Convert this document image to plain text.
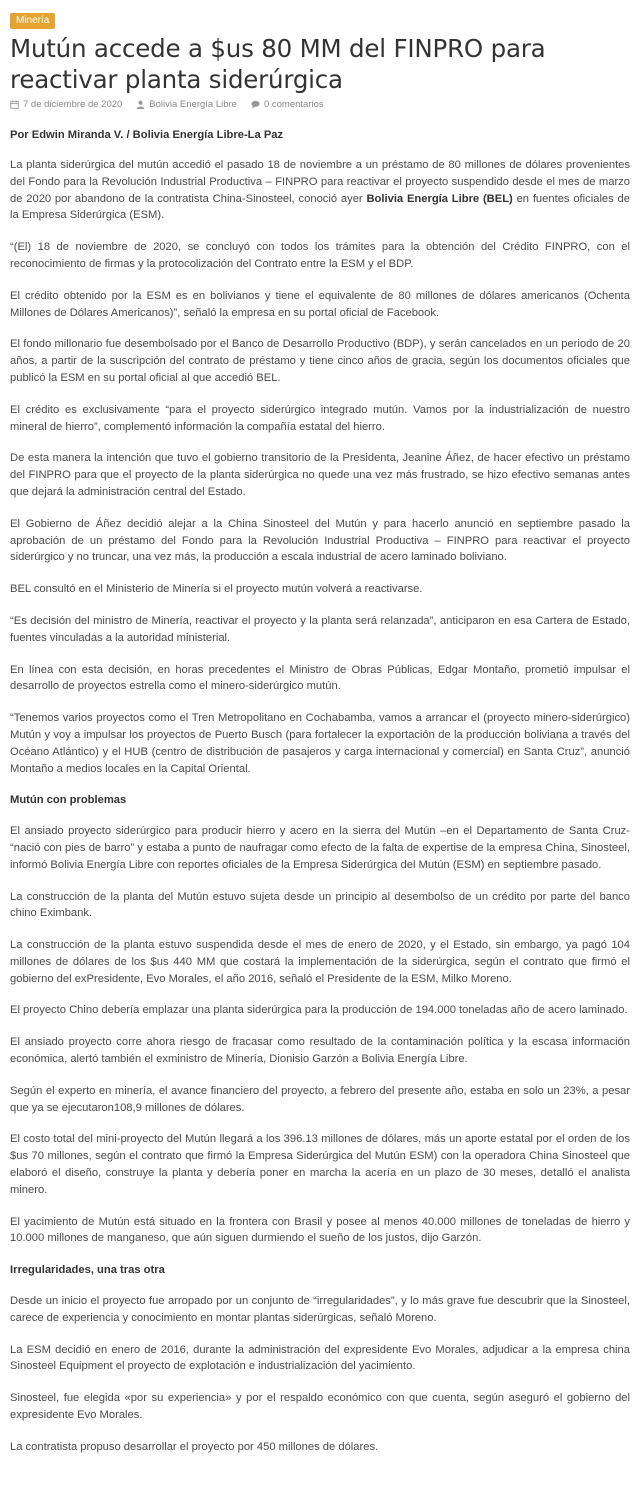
Minería
Mutún accede a $us 80 MM del FINPRO para reactivar planta siderúrgica
7 de diciembre de 2020	Bolivia Energía Libre	0 comentarios

Por Edwin Miranda V. / Bolivia Energía Libre-La Paz

La planta siderúrgica del mutún accedió el pasado 18 de noviembre a un préstamo de 80 millones de dólares provenientes del Fondo para la Revolución Industrial Productiva – FINPRO para reactivar el proyecto suspendido desde el mes de marzo de 2020 por abandono de la contratista China-Sinosteel, conoció ayer Bolivia Energía Libre (BEL) en fuentes oficiales de la Empresa Siderúrgica (ESM).

“(El) 18 de noviembre de 2020, se concluyó con todos los trámites para la obtención del Crédito FINPRO, con el reconocimiento de firmas y la protocolización del Contrato entre la ESM y el BDP.

El crédito obtenido por la ESM es en bolivianos y tiene el equivalente de 80 millones de dólares americanos (Ochenta Millones de Dólares Americanos)”, señaló la empresa en su portal oficial de Facebook.

El fondo millonario fue desembolsado por el Banco de Desarrollo Productivo (BDP), y serán cancelados en un periodo de 20 años, a partir de la suscripción del contrato de préstamo y tiene cinco años de gracia, según los documentos oficiales que publicó la ESM en su portal oficial al que accedió BEL.

El crédito es exclusivamente “para el proyecto siderúrgico integrado mutún. Vamos por la industrialización de nuestro mineral de hierro”, complementó información la compañía estatal del hierro.

De esta manera la intención que tuvo el gobierno transitorio de la Presidenta, Jeanine Áñez, de hacer efectivo un préstamo del FINPRO para que el proyecto de la planta siderúrgica no quede una vez más frustrado, se hizo efectivo semanas antes que dejará la administración central del Estado.

El Gobierno de Áñez decidió alejar a la China Sinosteel del Mutún y para hacerlo anunció en septiembre pasado la aprobación de un préstamo del Fondo para la Revolución Industrial Productiva – FINPRO para reactivar el proyecto siderúrgico y no truncar, una vez más, la producción a escala industrial de acero laminado boliviano.

BEL consultó en el Ministerio de Minería si el proyecto mutún volverá a reactivarse.

“Es decisión del ministro de Minería, reactivar el proyecto y la planta será relanzada”, anticiparon en esa Cartera de Estado, fuentes vinculadas a la autoridad ministerial.

En línea con esta decisión, en horas precedentes el Ministro de Obras Públicas, Edgar Montaño, prometió impulsar el desarrollo de proyectos estrella como el minero-siderúrgico mutún.

“Tenemos varios proyectos como el Tren Metropolitano en Cochabamba, vamos a arrancar el (proyecto minero-siderúrgico) Mutún y voy a impulsar los proyectos de Puerto Busch (para fortalecer la exportación de la producción boliviana a través del Océano Atlántico) y el HUB (centro de distribución de pasajeros y carga internacional y comercial) en Santa Cruz”, anunció Montaño a medios locales en la Capital Oriental.

Mutún con problemas

El ansiado proyecto siderúrgico para producir hierro y acero en la sierra del Mutún –en el Departamento de Santa Cruz- “nació con pies de barro” y estaba a punto de naufragar como efecto de la falta de expertise de la empresa China, Sinosteel, informó Bolivia Energía Libre con reportes oficiales de la Empresa Siderúrgica del Mutún (ESM) en septiembre pasado.

La construcción de la planta del Mutún estuvo sujeta desde un principio al desembolso de un crédito por parte del banco chino Eximbank.

La construcción de la planta estuvo suspendida desde el mes de enero de 2020, y el Estado, sin embargo, ya pagó 104 millones de dólares de los $us 440 MM que costará la implementación de la siderúrgica, según el contrato que firmó el gobierno del exPresidente, Evo Morales, el año 2016, señaló el Presidente de la ESM, Milko Moreno.

El proyecto Chino debería emplazar una planta siderúrgica para la producción de 194.000 toneladas año de acero laminado.

El ansiado proyecto corre ahora riesgo de fracasar como resultado de la contaminación política y la escasa información económica, alertó también el exministro de Minería, Dionisio Garzón a Bolivia Energía Libre.

Según el experto en minería, el avance financiero del proyecto, a febrero del presente año, estaba en solo un 23%, a pesar que ya se ejecutaron108,9 millones de dólares.

El costo total del mini-proyecto del Mutún llegará a los 396.13 millones de dólares, más un aporte estatal por el orden de los $us 70 millones, según el contrato que firmó la Empresa Siderúrgica del Mutún ESM) con la operadora China Sinosteel que elaboró el diseño, construye la planta y debería poner en marcha la acería en un plazo de 30 meses, detalló el analista minero.

El yacimiento de Mutún está situado en la frontera con Brasil y posee al menos 40.000 millones de toneladas de hierro y 10.000 millones de manganeso, que aún siguen durmiendo el sueño de los justos, dijo Garzón.

Irregularidades, una tras otra

Desde un inicio el proyecto fue arropado por un conjunto de “irregularidades”, y lo más grave fue descubrir que la Sinosteel, carece de experiencia y conocimiento en montar plantas siderúrgicas, señaló Moreno.

La ESM decidió en enero de 2016, durante la administración del expresidente Evo Morales, adjudicar a la empresa china Sinosteel Equipment el proyecto de explotación e industrialización del yacimiento.

Sinosteel, fue elegida «por su experiencia» y por el respaldo económico con que cuenta, según aseguró el gobierno del expresidente Evo Morales.

La contratista propuso desarrollar el proyecto por 450 millones de dólares.
